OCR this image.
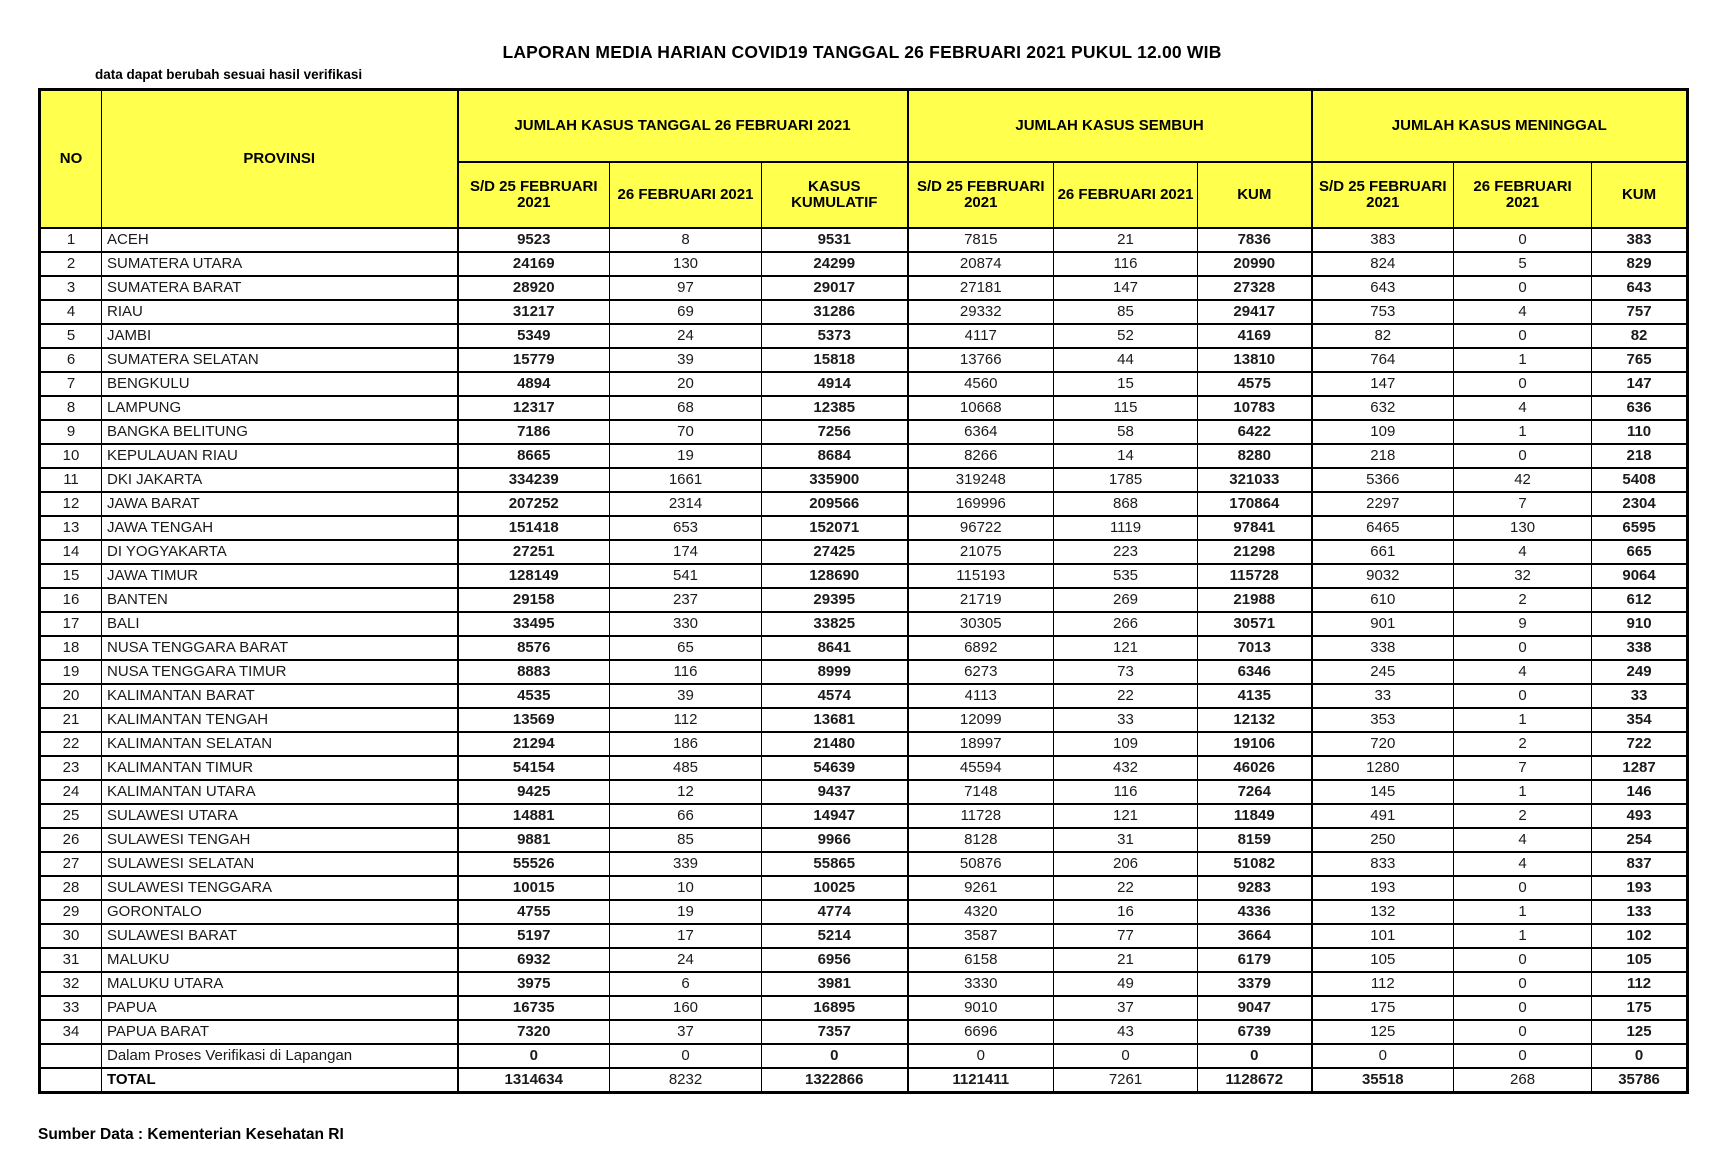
LAPORAN MEDIA HARIAN COVID19 TANGGAL 26 FEBRUARI 2021 PUKUL 12.00 WIB
data dapat berubah sesuai hasil verifikasi
NO	PROVINSI	JUMLAH KASUS TANGGAL 26 FEBRUARI 2021			JUMLAH KASUS SEMBUH			JUMLAH KASUS MENINGGAL		
		S/D 25 FEBRUARI 2021	26 FEBRUARI 2021	KASUS KUMULATIF	S/D 25 FEBRUARI 2021	26 FEBRUARI 2021	KUM	S/D 25 FEBRUARI 2021	26 FEBRUARI 2021	KUM
1	ACEH	9523	8	9531	7815	21	7836	383	0	383
2	SUMATERA UTARA	24169	130	24299	20874	116	20990	824	5	829
3	SUMATERA BARAT	28920	97	29017	27181	147	27328	643	0	643
4	RIAU	31217	69	31286	29332	85	29417	753	4	757
5	JAMBI	5349	24	5373	4117	52	4169	82	0	82
6	SUMATERA SELATAN	15779	39	15818	13766	44	13810	764	1	765
7	BENGKULU	4894	20	4914	4560	15	4575	147	0	147
8	LAMPUNG	12317	68	12385	10668	115	10783	632	4	636
9	BANGKA BELITUNG	7186	70	7256	6364	58	6422	109	1	110
10	KEPULAUAN RIAU	8665	19	8684	8266	14	8280	218	0	218
11	DKI JAKARTA	334239	1661	335900	319248	1785	321033	5366	42	5408
12	JAWA BARAT	207252	2314	209566	169996	868	170864	2297	7	2304
13	JAWA TENGAH	151418	653	152071	96722	1119	97841	6465	130	6595
14	DI YOGYAKARTA	27251	174	27425	21075	223	21298	661	4	665
15	JAWA TIMUR	128149	541	128690	115193	535	115728	9032	32	9064
16	BANTEN	29158	237	29395	21719	269	21988	610	2	612
17	BALI	33495	330	33825	30305	266	30571	901	9	910
18	NUSA TENGGARA BARAT	8576	65	8641	6892	121	7013	338	0	338
19	NUSA TENGGARA TIMUR	8883	116	8999	6273	73	6346	245	4	249
20	KALIMANTAN BARAT	4535	39	4574	4113	22	4135	33	0	33
21	KALIMANTAN TENGAH	13569	112	13681	12099	33	12132	353	1	354
22	KALIMANTAN SELATAN	21294	186	21480	18997	109	19106	720	2	722
23	KALIMANTAN TIMUR	54154	485	54639	45594	432	46026	1280	7	1287
24	KALIMANTAN UTARA	9425	12	9437	7148	116	7264	145	1	146
25	SULAWESI UTARA	14881	66	14947	11728	121	11849	491	2	493
26	SULAWESI TENGAH	9881	85	9966	8128	31	8159	250	4	254
27	SULAWESI SELATAN	55526	339	55865	50876	206	51082	833	4	837
28	SULAWESI TENGGARA	10015	10	10025	9261	22	9283	193	0	193
29	GORONTALO	4755	19	4774	4320	16	4336	132	1	133
30	SULAWESI BARAT	5197	17	5214	3587	77	3664	101	1	102
31	MALUKU	6932	24	6956	6158	21	6179	105	0	105
32	MALUKU UTARA	3975	6	3981	3330	49	3379	112	0	112
33	PAPUA	16735	160	16895	9010	37	9047	175	0	175
34	PAPUA BARAT	7320	37	7357	6696	43	6739	125	0	125
	Dalam Proses Verifikasi di Lapangan	0	0	0	0	0	0	0	0	0
	TOTAL	1314634	8232	1322866	1121411	7261	1128672	35518	268	35786
Sumber Data : Kementerian Kesehatan RI
